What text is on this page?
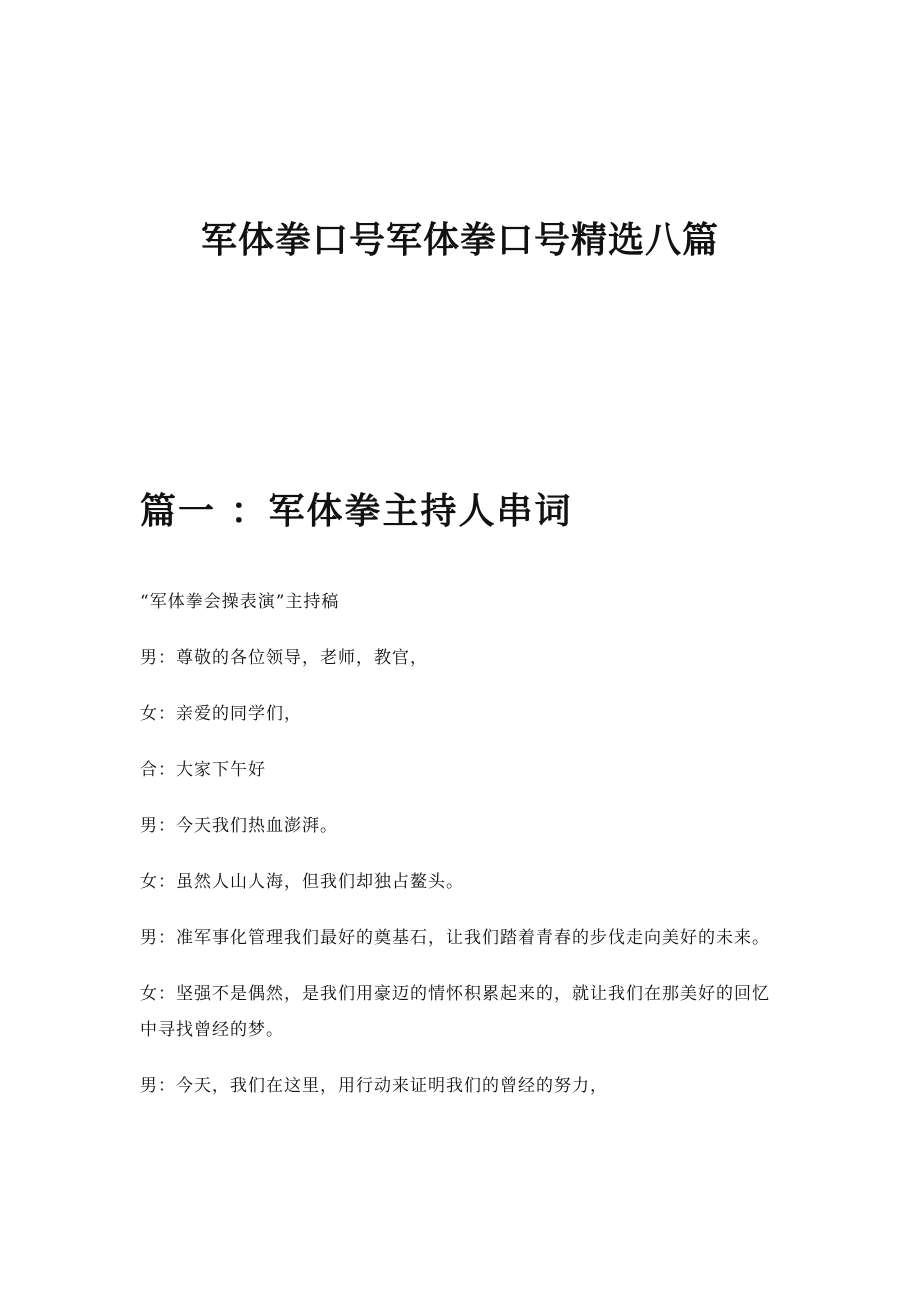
军体拳口号军体拳口号精选八篇
篇一 ：军体拳主持人串词

“军体拳会操表演”主持稿

男：尊敬的各位领导，老师，教官，

女：亲爱的同学们，

合：大家下午好

男：今天我们热血澎湃。

女：虽然人山人海，但我们却独占鳌头。

男：准军事化管理我们最好的奠基石，让我们踏着青春的步伐走向美好的未来。

女：坚强不是偶然，是我们用豪迈的情怀积累起来的，就让我们在那美好的回忆中寻找曾经的梦。

男：今天，我们在这里，用行动来证明我们的曾经的努力，
